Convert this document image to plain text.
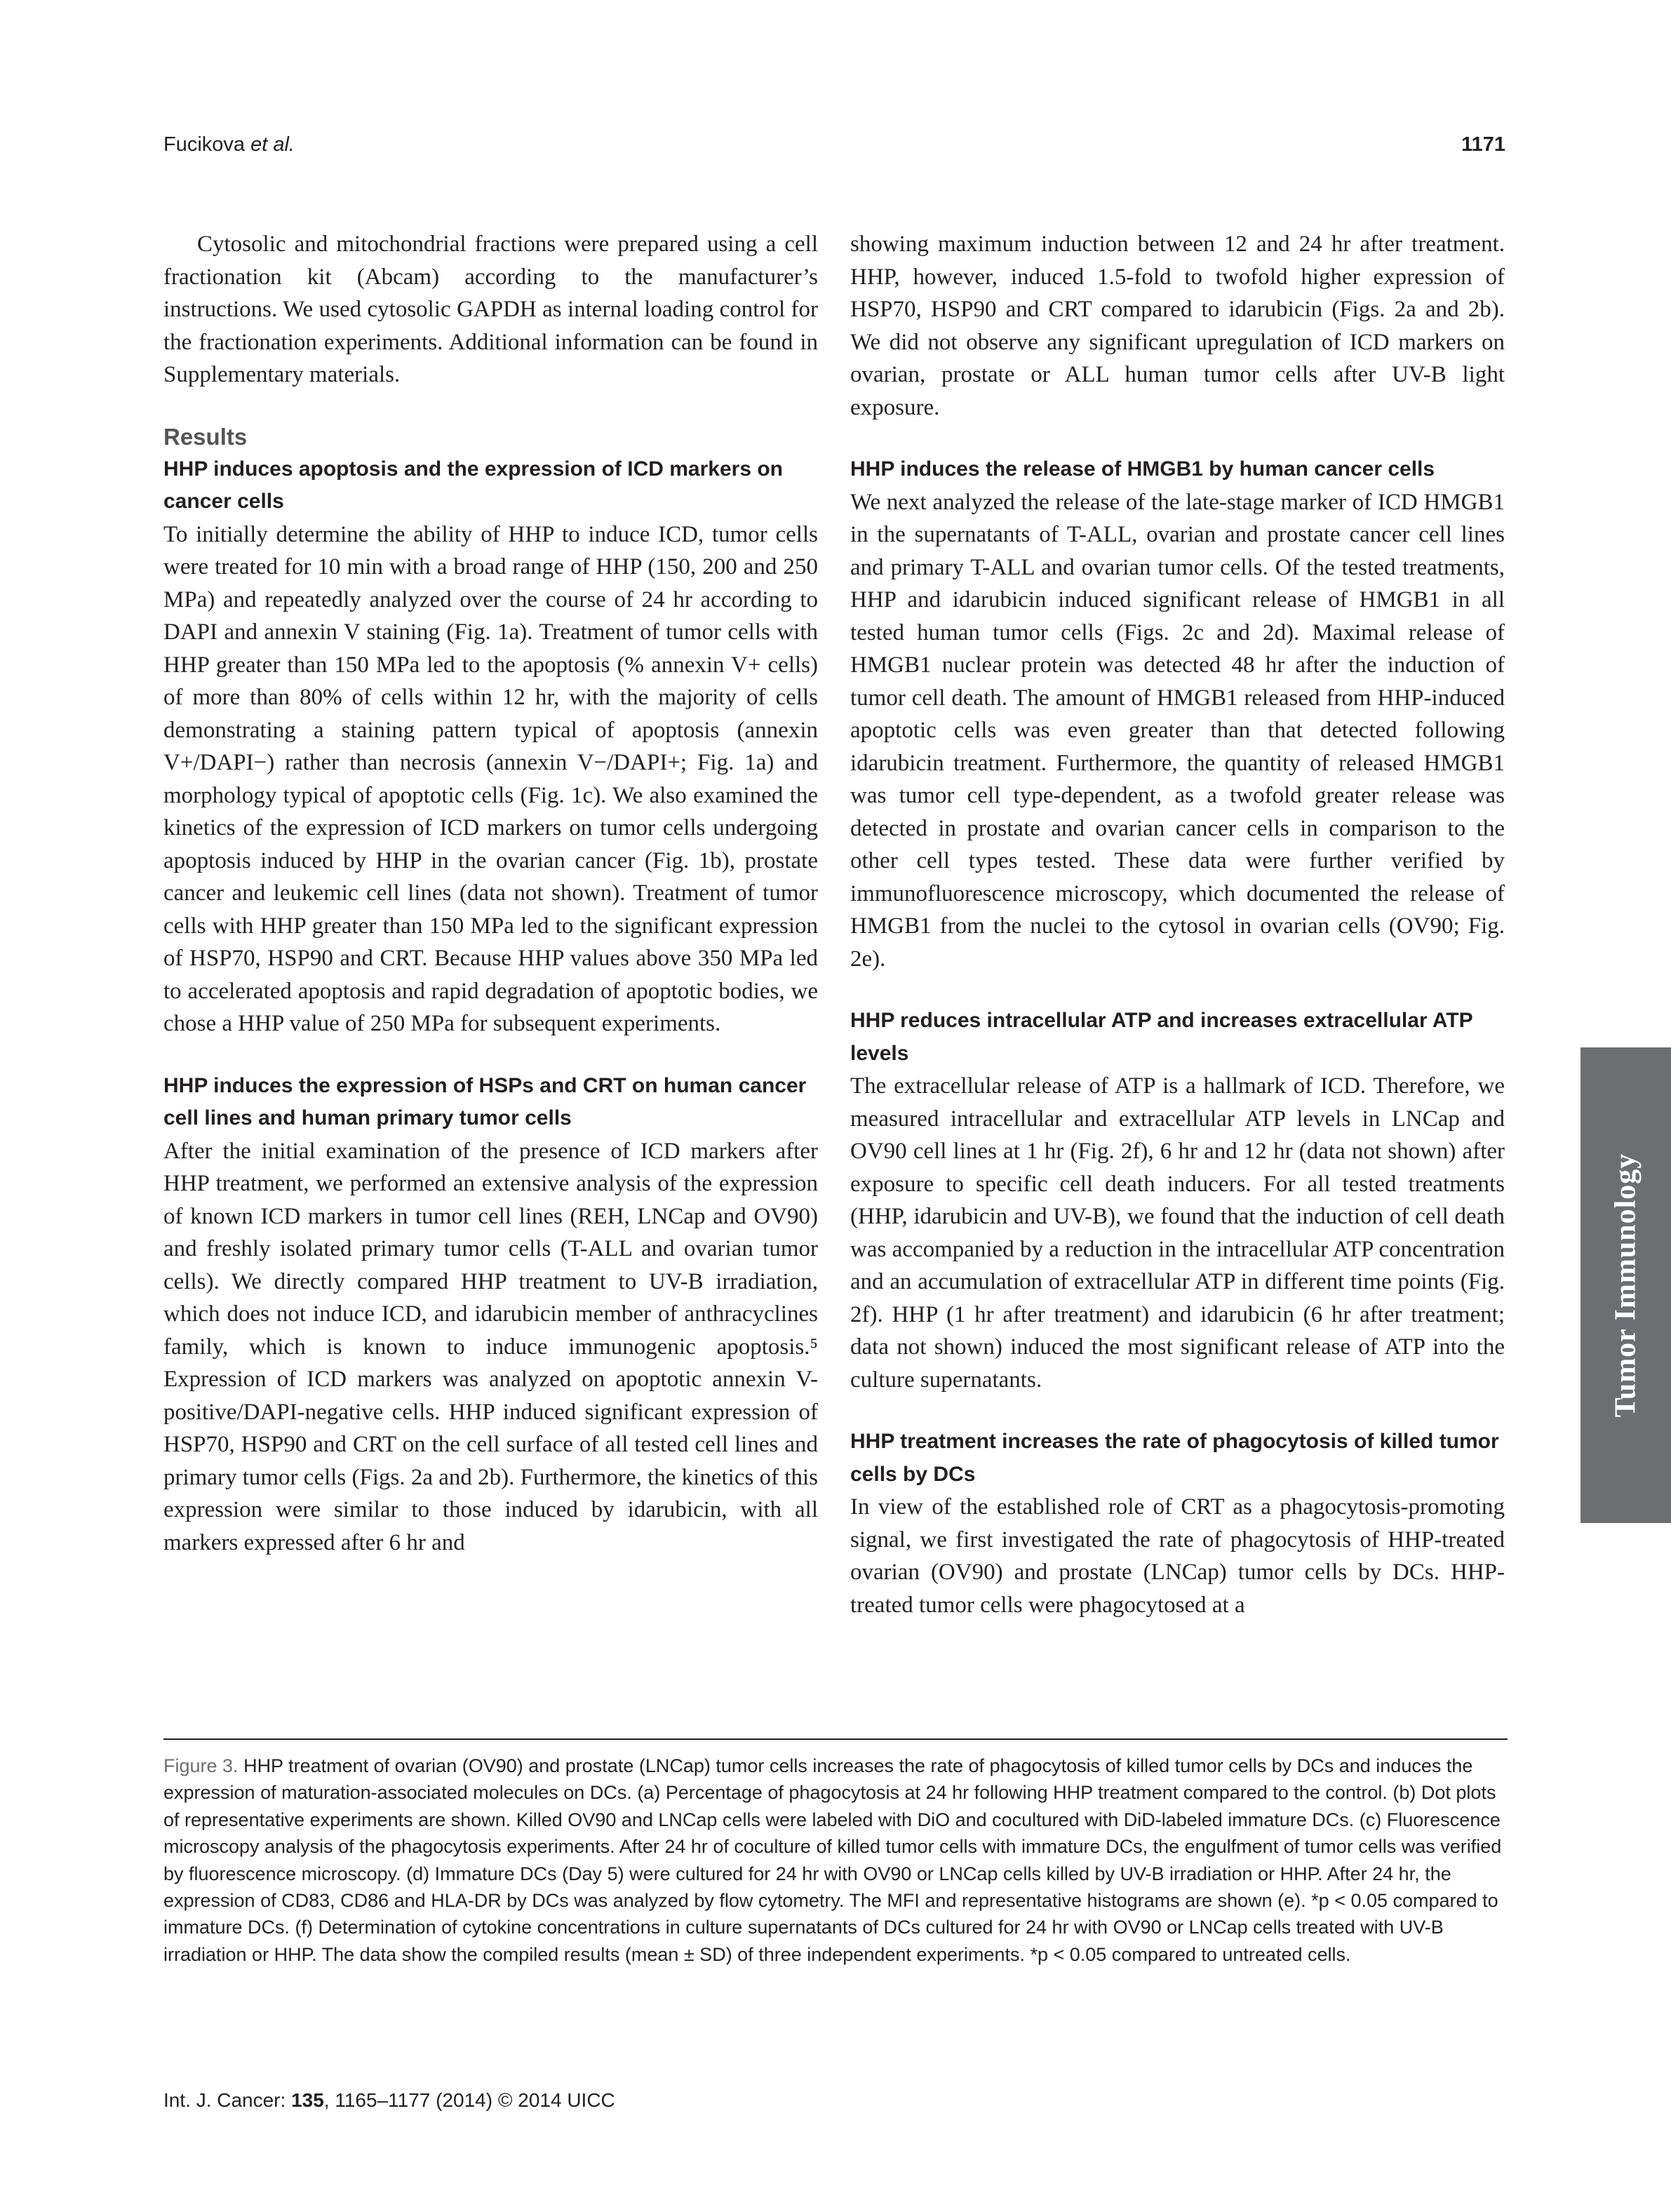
Fucikova et al.	1171

Cytosolic and mitochondrial fractions were prepared using a cell fractionation kit (Abcam) according to the manufacturer’s instructions. We used cytosolic GAPDH as internal loading control for the fractionation experiments. Additional information can be found in Supplementary materials.

Results
HHP induces apoptosis and the expression of ICD markers on cancer cells

To initially determine the ability of HHP to induce ICD, tumor cells were treated for 10 min with a broad range of HHP (150, 200 and 250 MPa) and repeatedly analyzed over the course of 24 hr according to DAPI and annexin V staining (Fig. 1a). Treatment of tumor cells with HHP greater than 150 MPa led to the apoptosis (% annexin V+ cells) of more than 80% of cells within 12 hr, with the majority of cells demonstrating a staining pattern typical of apoptosis (annexin V+/DAPI−) rather than necrosis (annexin V−/DAPI+; Fig. 1a) and morphology typical of apoptotic cells (Fig. 1c). We also examined the kinetics of the expression of ICD markers on tumor cells undergoing apoptosis induced by HHP in the ovarian cancer (Fig. 1b), prostate cancer and leukemic cell lines (data not shown). Treatment of tumor cells with HHP greater than 150 MPa led to the significant expression of HSP70, HSP90 and CRT. Because HHP values above 350 MPa led to accelerated apoptosis and rapid degradation of apoptotic bodies, we chose a HHP value of 250 MPa for subsequent experiments.

HHP induces the expression of HSPs and CRT on human cancer cell lines and human primary tumor cells

After the initial examination of the presence of ICD markers after HHP treatment, we performed an extensive analysis of the expression of known ICD markers in tumor cell lines (REH, LNCap and OV90) and freshly isolated primary tumor cells (T-ALL and ovarian tumor cells). We directly compared HHP treatment to UV-B irradiation, which does not induce ICD, and idarubicin member of anthracyclines family, which is known to induce immunogenic apoptosis.⁵ Expression of ICD markers was analyzed on apoptotic annexin V-positive/DAPI-negative cells. HHP induced significant expression of HSP70, HSP90 and CRT on the cell surface of all tested cell lines and primary tumor cells (Figs. 2a and 2b). Furthermore, the kinetics of this expression were similar to those induced by idarubicin, with all markers expressed after 6 hr and

showing maximum induction between 12 and 24 hr after treatment. HHP, however, induced 1.5-fold to twofold higher expression of HSP70, HSP90 and CRT compared to idarubicin (Figs. 2a and 2b). We did not observe any significant upregulation of ICD markers on ovarian, prostate or ALL human tumor cells after UV-B light exposure.

HHP induces the release of HMGB1 by human cancer cells

We next analyzed the release of the late-stage marker of ICD HMGB1 in the supernatants of T-ALL, ovarian and prostate cancer cell lines and primary T-ALL and ovarian tumor cells. Of the tested treatments, HHP and idarubicin induced significant release of HMGB1 in all tested human tumor cells (Figs. 2c and 2d). Maximal release of HMGB1 nuclear protein was detected 48 hr after the induction of tumor cell death. The amount of HMGB1 released from HHP-induced apoptotic cells was even greater than that detected following idarubicin treatment. Furthermore, the quantity of released HMGB1 was tumor cell type-dependent, as a twofold greater release was detected in prostate and ovarian cancer cells in comparison to the other cell types tested. These data were further verified by immunofluorescence microscopy, which documented the release of HMGB1 from the nuclei to the cytosol in ovarian cells (OV90; Fig. 2e).

HHP reduces intracellular ATP and increases extracellular ATP levels

The extracellular release of ATP is a hallmark of ICD. Therefore, we measured intracellular and extracellular ATP levels in LNCap and OV90 cell lines at 1 hr (Fig. 2f), 6 hr and 12 hr (data not shown) after exposure to specific cell death inducers. For all tested treatments (HHP, idarubicin and UV-B), we found that the induction of cell death was accompanied by a reduction in the intracellular ATP concentration and an accumulation of extracellular ATP in different time points (Fig. 2f). HHP (1 hr after treatment) and idarubicin (6 hr after treatment; data not shown) induced the most significant release of ATP into the culture supernatants.

HHP treatment increases the rate of phagocytosis of killed tumor cells by DCs

In view of the established role of CRT as a phagocytosis-promoting signal, we first investigated the rate of phagocytosis of HHP-treated ovarian (OV90) and prostate (LNCap) tumor cells by DCs. HHP-treated tumor cells were phagocytosed at a

Tumor Immunology

Figure 3. HHP treatment of ovarian (OV90) and prostate (LNCap) tumor cells increases the rate of phagocytosis of killed tumor cells by DCs and induces the expression of maturation-associated molecules on DCs. (a) Percentage of phagocytosis at 24 hr following HHP treatment compared to the control. (b) Dot plots of representative experiments are shown. Killed OV90 and LNCap cells were labeled with DiO and cocultured with DiD-labeled immature DCs. (c) Fluorescence microscopy analysis of the phagocytosis experiments. After 24 hr of coculture of killed tumor cells with immature DCs, the engulfment of tumor cells was verified by fluorescence microscopy. (d) Immature DCs (Day 5) were cultured for 24 hr with OV90 or LNCap cells killed by UV-B irradiation or HHP. After 24 hr, the expression of CD83, CD86 and HLA-DR by DCs was analyzed by flow cytometry. The MFI and representative histograms are shown (e). *p < 0.05 compared to immature DCs. (f) Determination of cytokine concentrations in culture supernatants of DCs cultured for 24 hr with OV90 or LNCap cells treated with UV-B irradiation or HHP. The data show the compiled results (mean ± SD) of three independent experiments. *p < 0.05 compared to untreated cells.

Int. J. Cancer: 135, 1165–1177 (2014) © 2014 UICC
